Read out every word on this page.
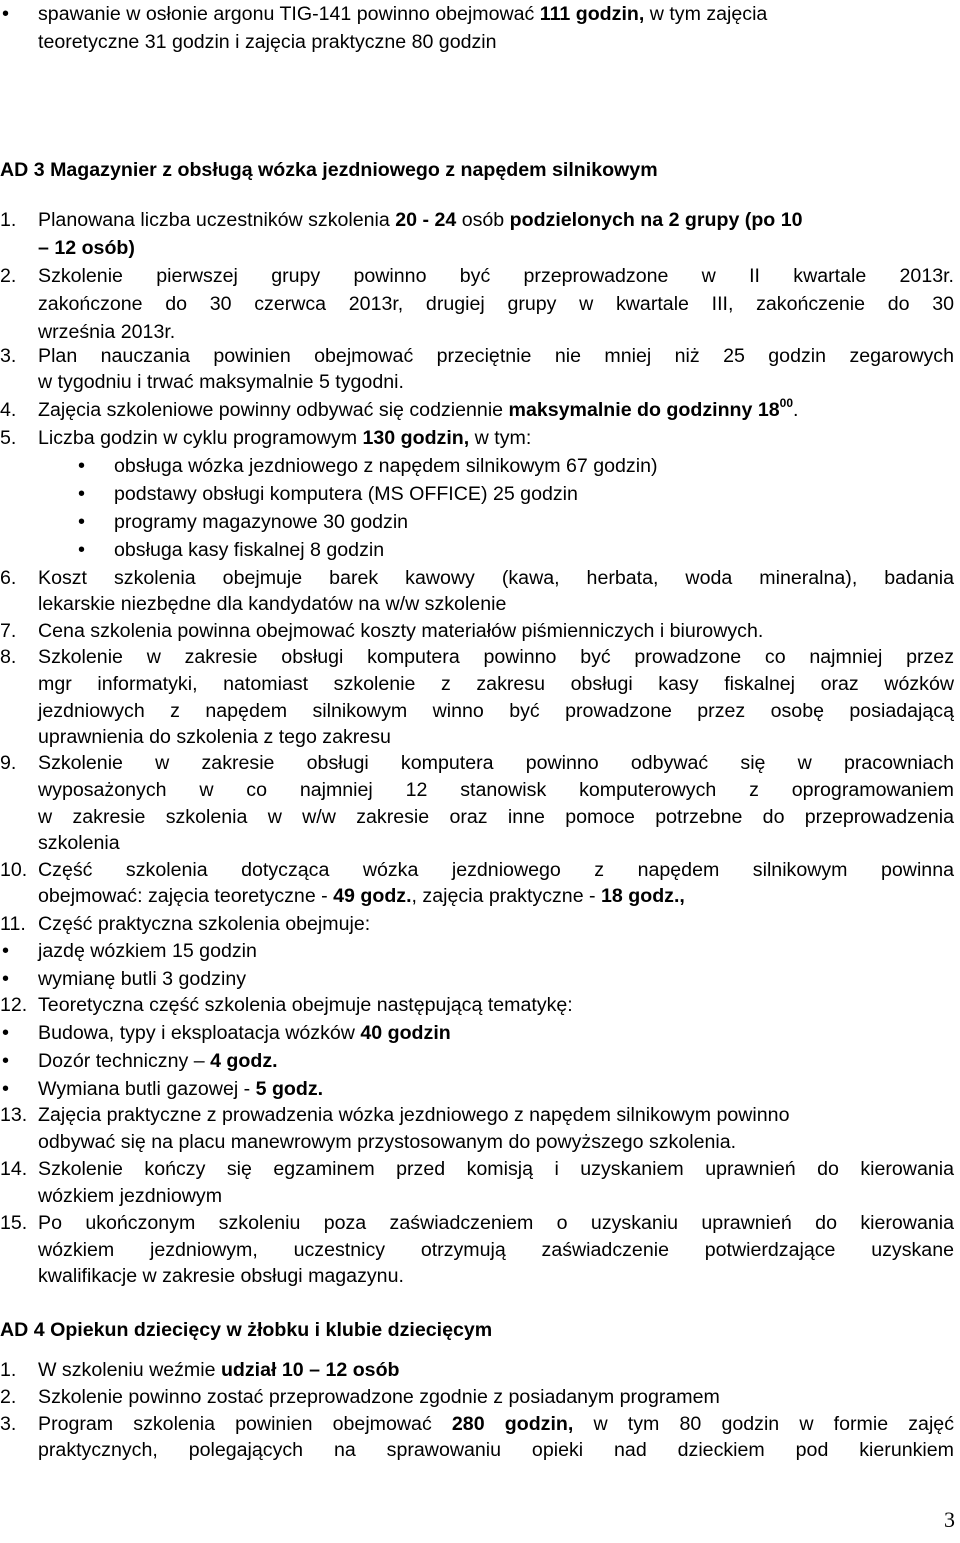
• spawanie w osłonie argonu TIG-141 powinno obejmować 111 godzin, w tym zajęcia
teoretyczne 31 godzin i zajęcia praktyczne 80 godzin
AD 3 Magazynier z obsługą wózka jezdniowego z napędem silnikowym
1. Planowana liczba uczestników szkolenia 20 - 24 osób podzielonych na 2 grupy (po 10
– 12 osób)
2. Szkolenie pierwszej grupy powinno być przeprowadzone w II kwartale 2013r.
zakończone do 30 czerwca 2013r, drugiej grupy w kwartale III, zakończenie do 30
września 2013r.
3. Plan nauczania powinien obejmować przeciętnie nie mniej niż 25 godzin zegarowych
w tygodniu i trwać maksymalnie 5 tygodni.
4. Zajęcia szkoleniowe powinny odbywać się codziennie maksymalnie do godzinny $18^{00}$.
5. Liczba godzin w cyklu programowym 130 godzin, w tym:
• obsługa wózka jezdniowego z napędem silnikowym 67 godzin)
• podstawy obsługi komputera (MS OFFICE) 25 godzin
• programy magazynowe 30 godzin
• obsługa kasy fiskalnej 8 godzin
6. Koszt szkolenia obejmuje barek kawowy (kawa, herbata, woda mineralna), badania
lekarskie niezbędne dla kandydatów na w/w szkolenie
7. Cena szkolenia powinna obejmować koszty materiałów piśmienniczych i biurowych.
8. Szkolenie w zakresie obsługi komputera powinno być prowadzone co najmniej przez
mgr informatyki, natomiast szkolenie z zakresu obsługi kasy fiskalnej oraz wózków
jezdniowych z napędem silnikowym winno być prowadzone przez osobę posiadającą
uprawnienia do szkolenia z tego zakresu
9. Szkolenie w zakresie obsługi komputera powinno odbywać się w pracowniach
wyposażonych w co najmniej 12 stanowisk komputerowych z oprogramowaniem
w zakresie szkolenia w w/w zakresie oraz inne pomoce potrzebne do przeprowadzenia
szkolenia
10. Część szkolenia dotycząca wózka jezdniowego z napędem silnikowym powinna
obejmować: zajęcia teoretyczne - 49 godz., zajęcia praktyczne - 18 godz.,
11. Część praktyczna szkolenia obejmuje:
• jazdę wózkiem 15 godzin
• wymianę butli 3 godziny
12. Teoretyczna część szkolenia obejmuje następującą tematykę:
• Budowa, typy i eksploatacja wózków 40 godzin
• Dozór techniczny – 4 godz.
• Wymiana butli gazowej - 5 godz.
13. Zajęcia praktyczne z prowadzenia wózka jezdniowego z napędem silnikowym powinno
odbywać się na placu manewrowym przystosowanym do powyższego szkolenia.
14. Szkolenie kończy się egzaminem przed komisją i uzyskaniem uprawnień do kierowania
wózkiem jezdniowym
15. Po ukończonym szkoleniu poza zaświadczeniem o uzyskaniu uprawnień do kierowania
wózkiem jezdniowym, uczestnicy otrzymują zaświadczenie potwierdzające uzyskane
kwalifikacje w zakresie obsługi magazynu.
AD 4 Opiekun dziecięcy w żłobku i klubie dziecięcym
1. W szkoleniu weźmie udział 10 – 12 osób
2. Szkolenie powinno zostać przeprowadzone zgodnie z posiadanym programem
3. Program szkolenia powinien obejmować 280 godzin, w tym 80 godzin w formie zajęć
praktycznych, polegających na sprawowaniu opieki nad dzieckiem pod kierunkiem
3
